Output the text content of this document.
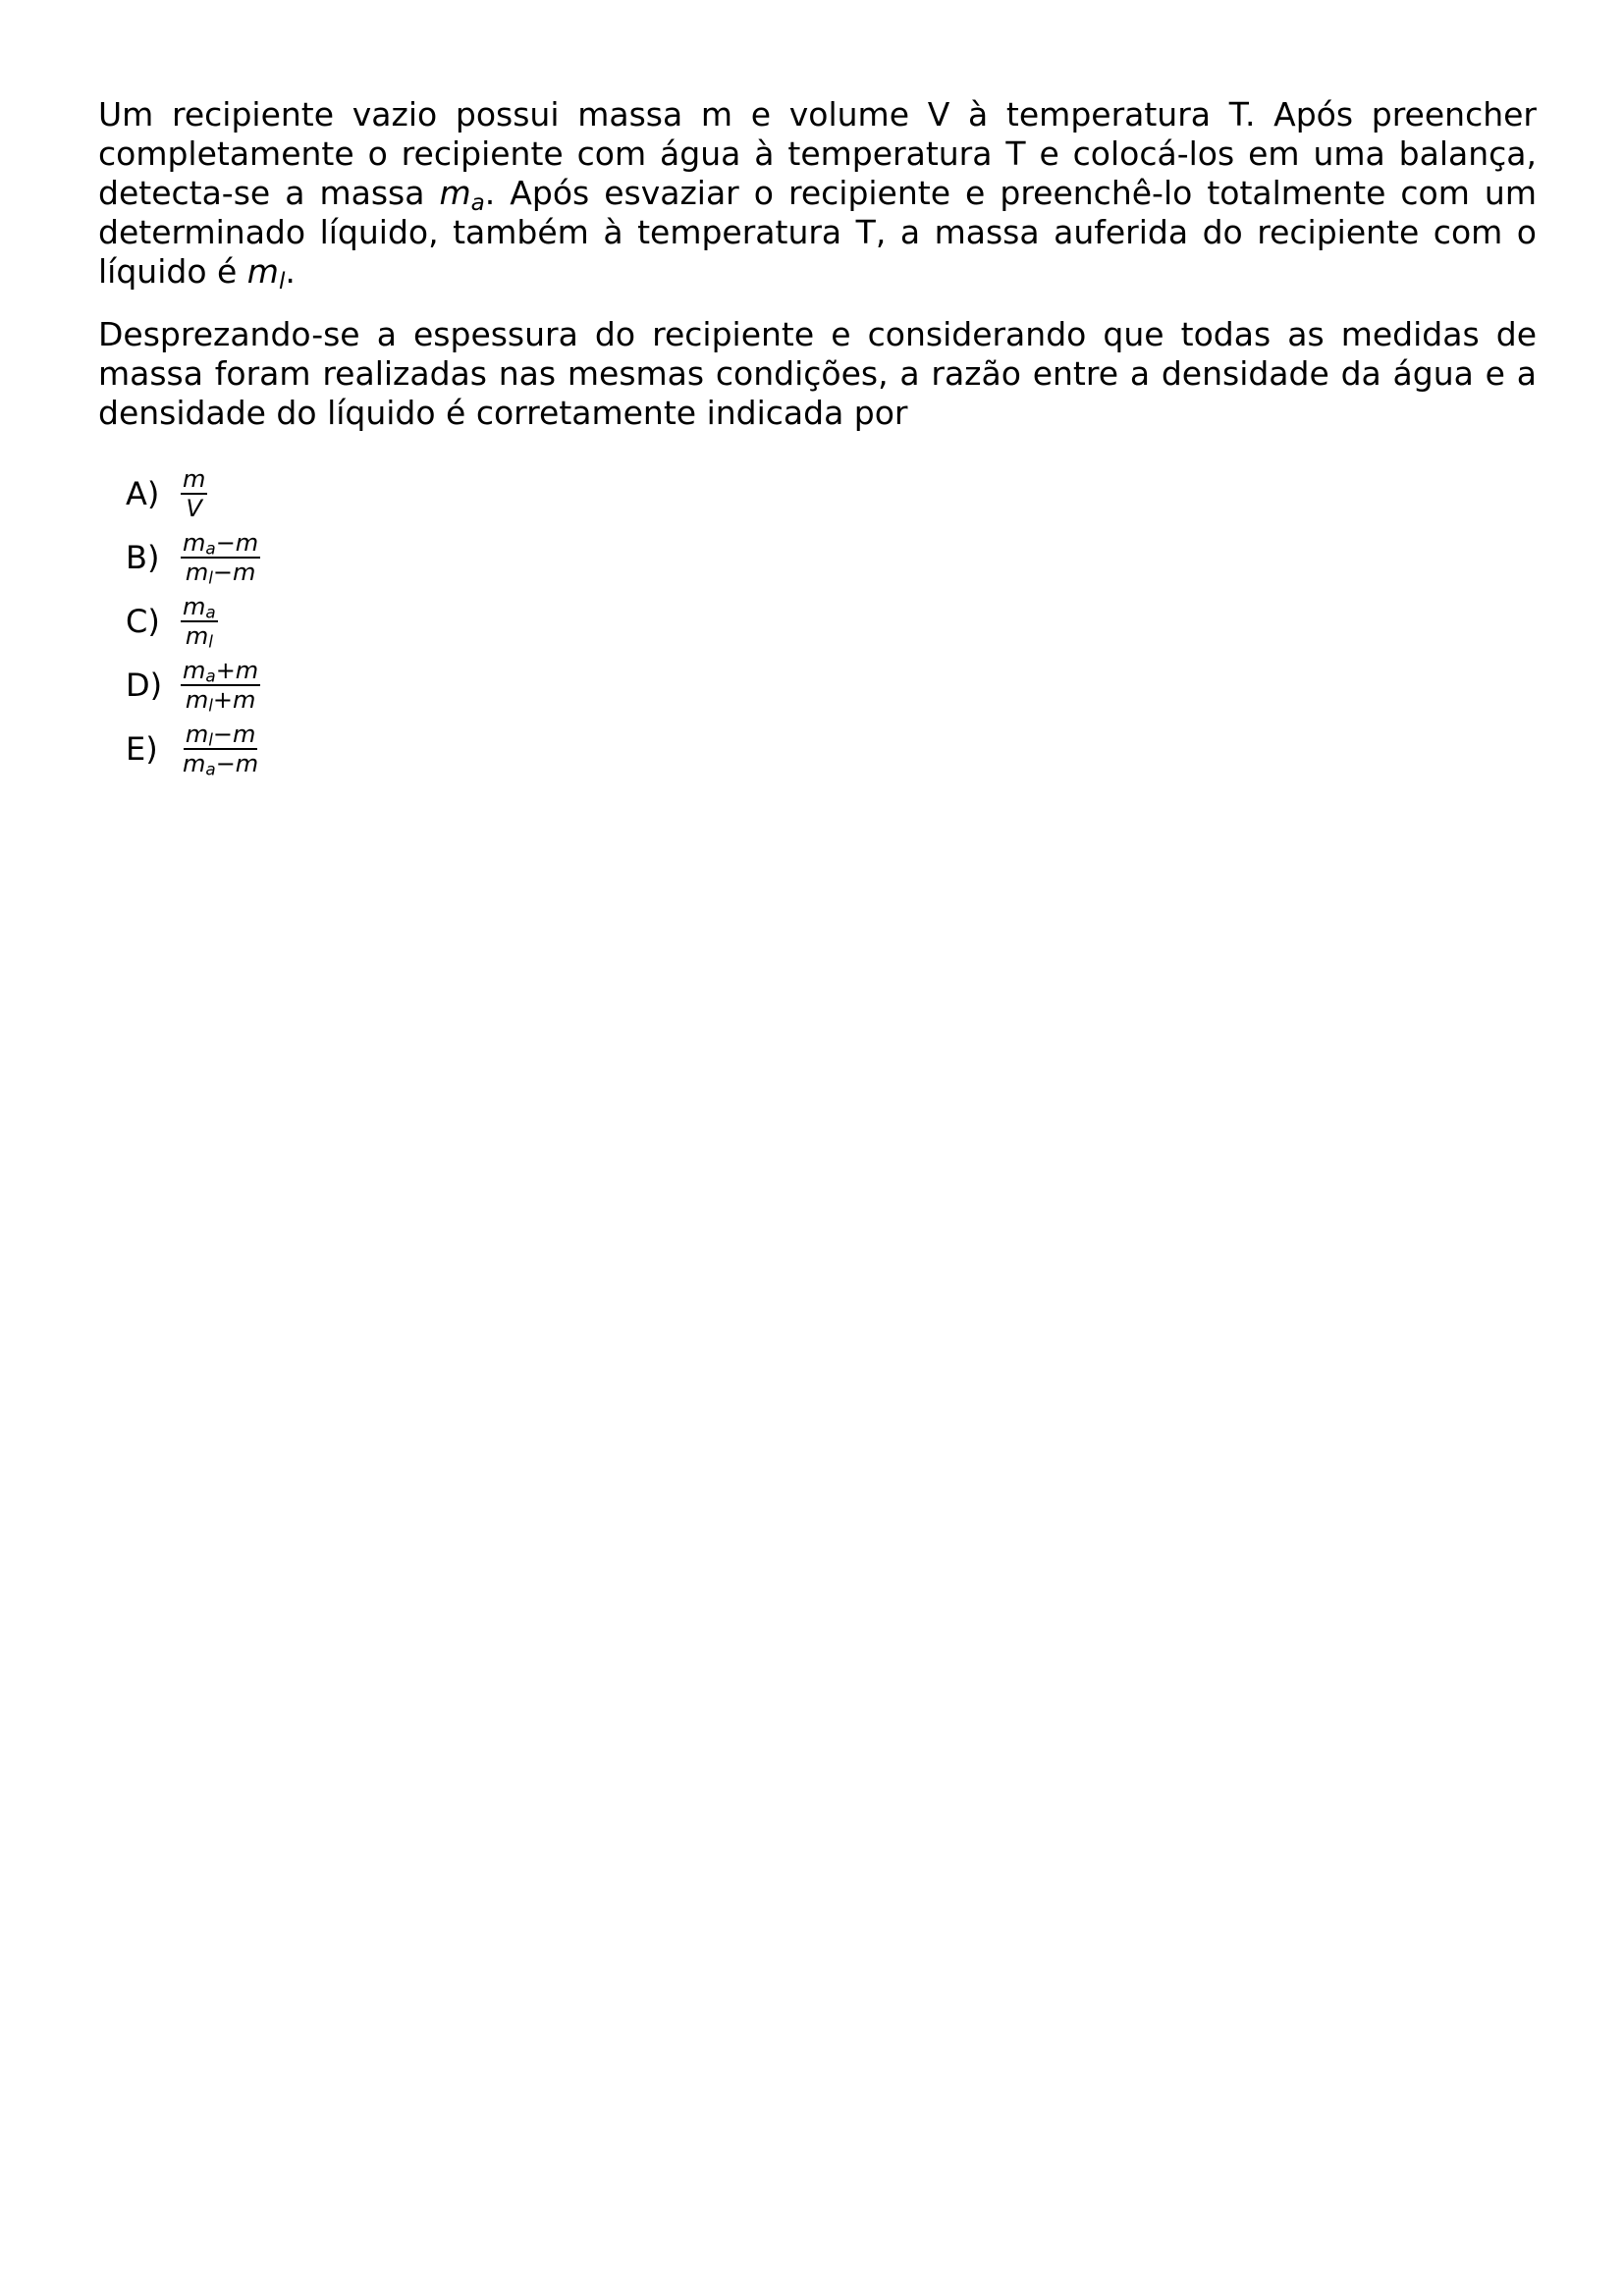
Um recipiente vazio possui massa m e volume V à temperatura T. Após preencher completamente o recipiente com água à temperatura T e colocá-los em uma balança, detecta-se a massa $m_a$. Após esvaziar o recipiente e preenchê-lo totalmente com um determinado líquido, também à temperatura T, a massa auferida do recipiente com o líquido é $m_l$.

Desprezando-se a espessura do recipiente e considerando que todas as medidas de massa foram realizadas nas mesmas condições, a razão entre a densidade da água e a densidade do líquido é corretamente indicada por

$A) \frac{m}{V}$
$B) \frac{m_a-m}{m_l-m}$
$C) \frac{m_a}{m_l}$
$D) \frac{m_a+m}{m_l+m}$
$E) \frac{m_l-m}{m_a-m}$
